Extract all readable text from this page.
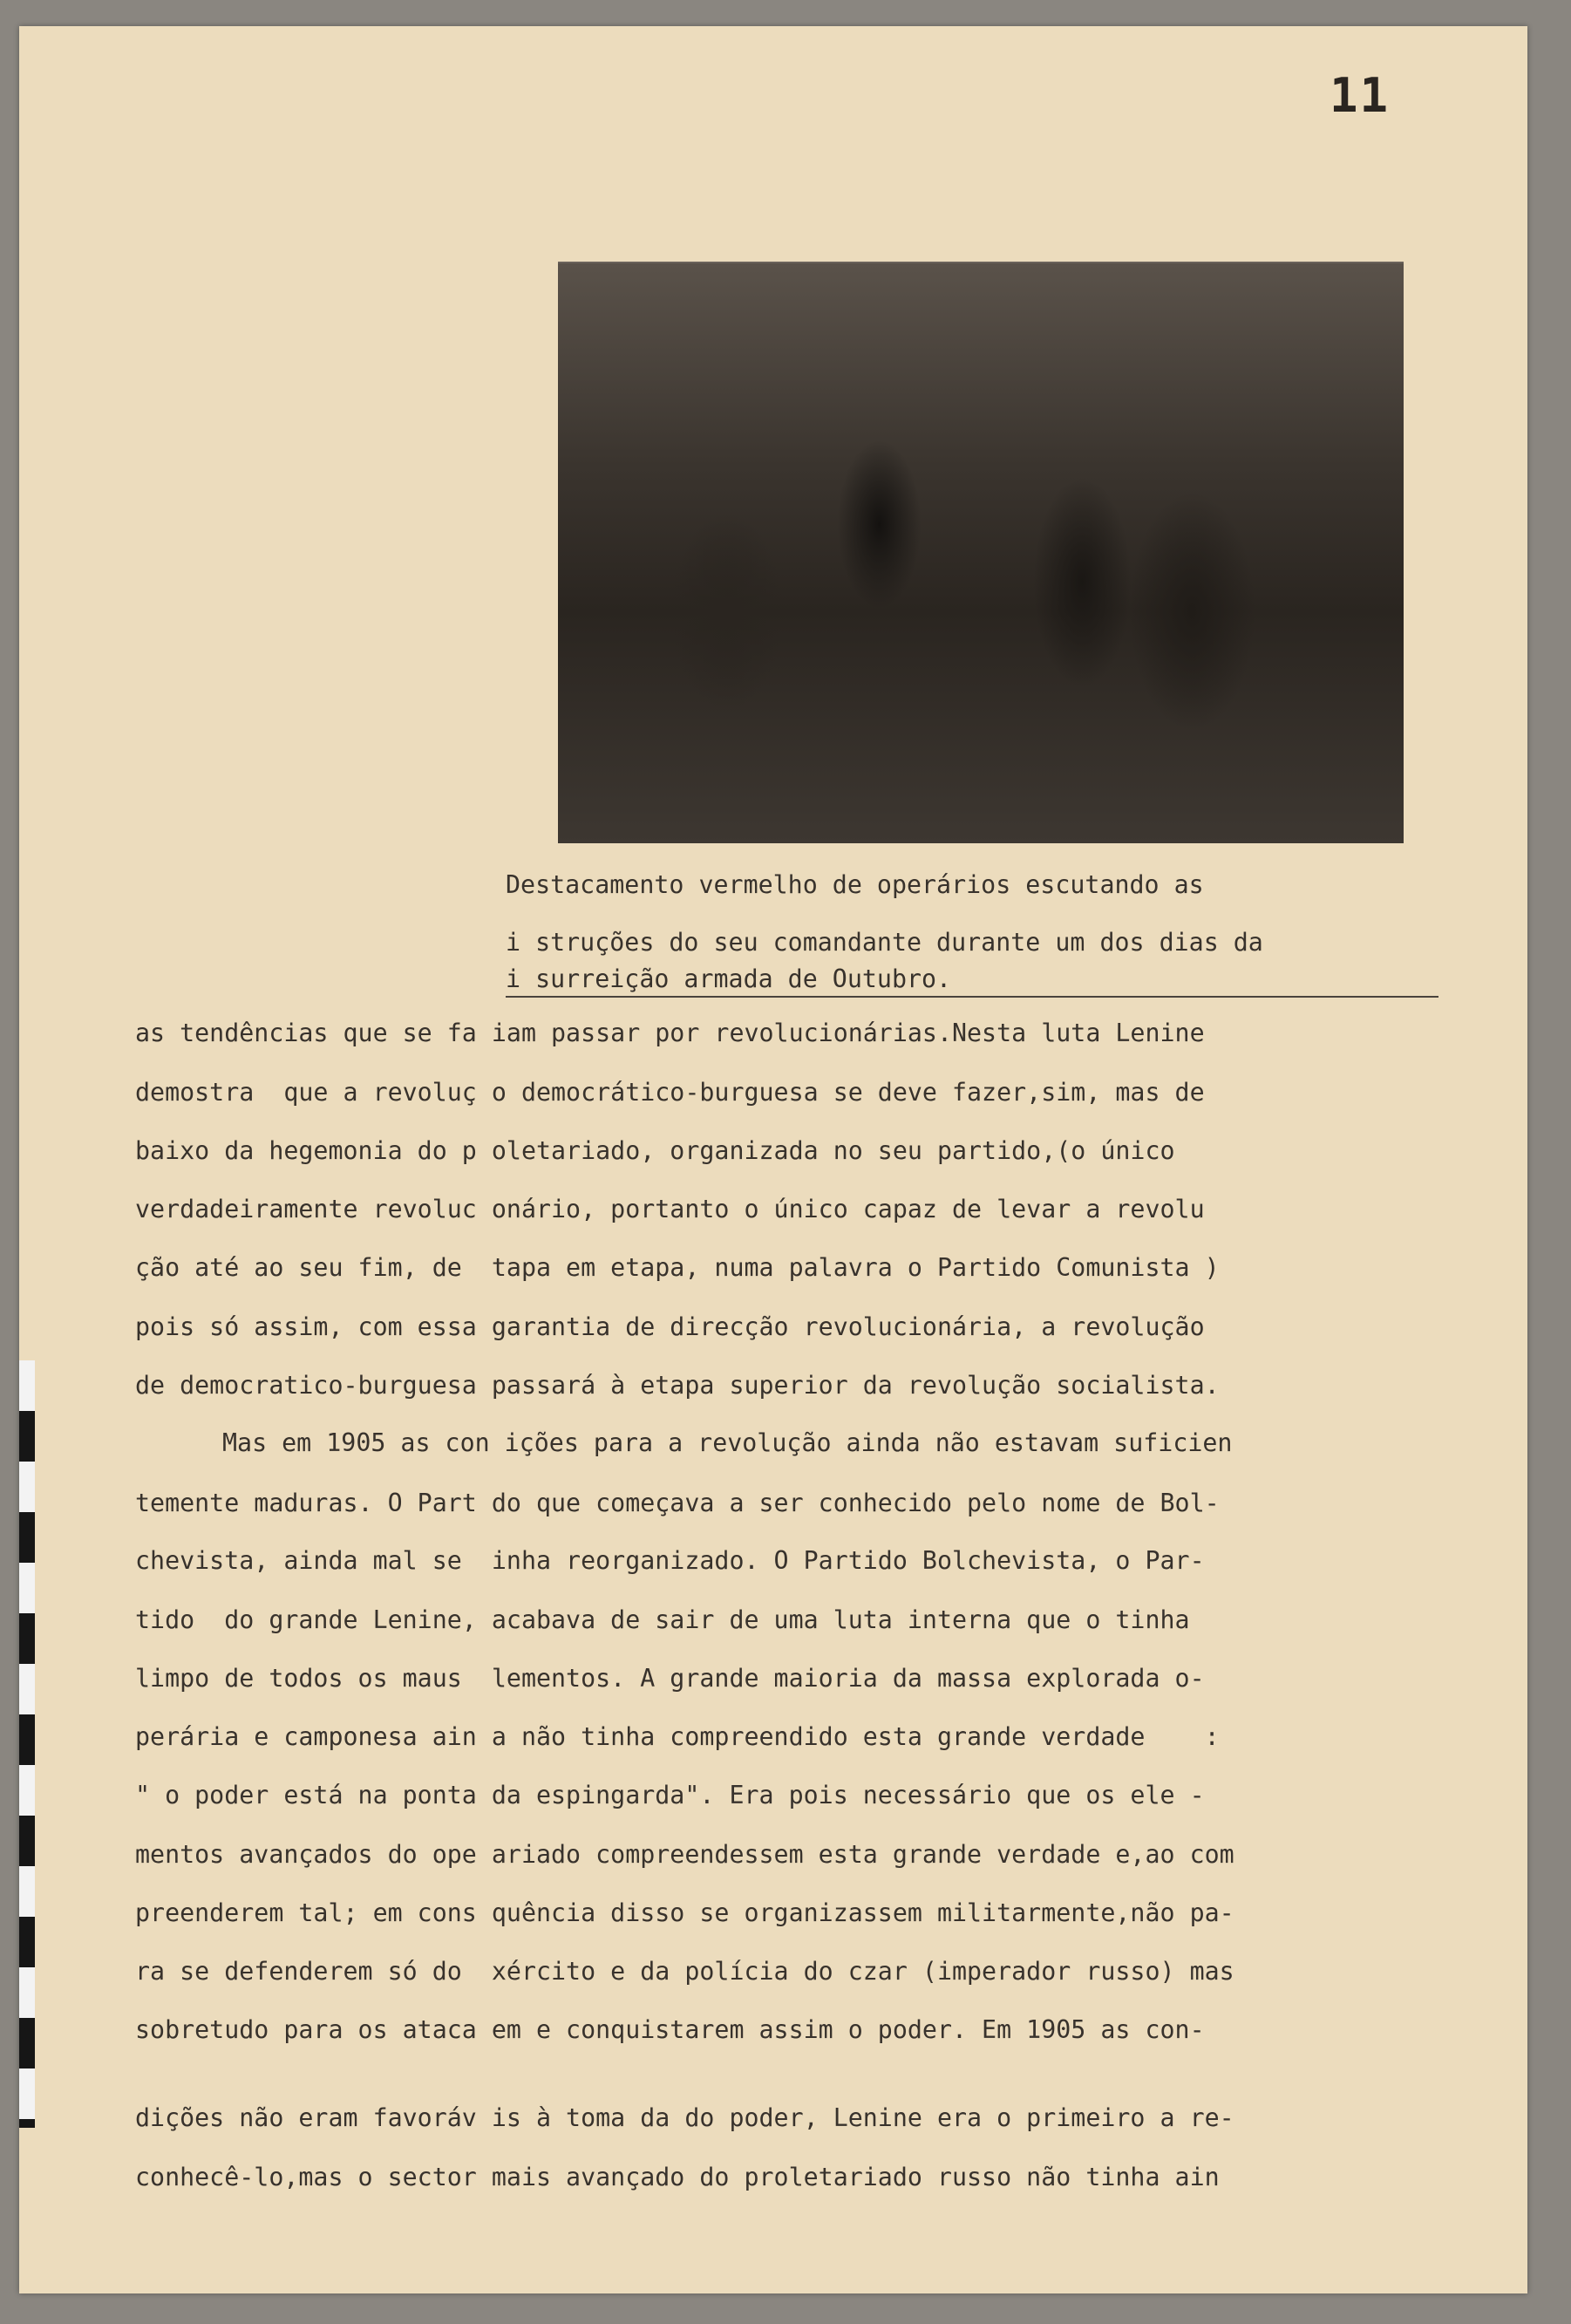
11
Destacamento vermelho de operários escutando as
i struções do seu comandante durante um dos dias da
i surreição armada de Outubro.
as tendências que se fa iam passar por revolucionárias.Nesta luta Lenine
demostra  que a revoluç o democrático-burguesa se deve fazer,sim, mas de
baixo da hegemonia do p oletariado, organizada no seu partido,(o único
verdadeiramente revoluc onário, portanto o único capaz de levar a revolu
ção até ao seu fim, de  tapa em etapa, numa palavra o Partido Comunista )
pois só assim, com essa garantia de direcção revolucionária, a revolução
de democratico-burguesa passará à etapa superior da revolução socialista.
Mas em 1905 as con ições para a revolução ainda não estavam suficien
temente maduras. O Part do que começava a ser conhecido pelo nome de Bol-
chevista, ainda mal se  inha reorganizado. O Partido Bolchevista, o Par-
tido  do grande Lenine, acabava de sair de uma luta interna que o tinha
limpo de todos os maus  lementos. A grande maioria da massa explorada o-
perária e camponesa ain a não tinha compreendido esta grande verdade    :
" o poder está na ponta da espingarda". Era pois necessário que os ele -
mentos avançados do ope ariado compreendessem esta grande verdade e,ao com
preenderem tal; em cons quência disso se organizassem militarmente,não pa-
ra se defenderem só do  xército e da polícia do czar (imperador russo) mas
sobretudo para os ataca em e conquistarem assim o poder. Em 1905 as con-
dições não eram favoráv is à toma da do poder, Lenine era o primeiro a re-
conhecê-lo,mas o sector mais avançado do proletariado russo não tinha ain
